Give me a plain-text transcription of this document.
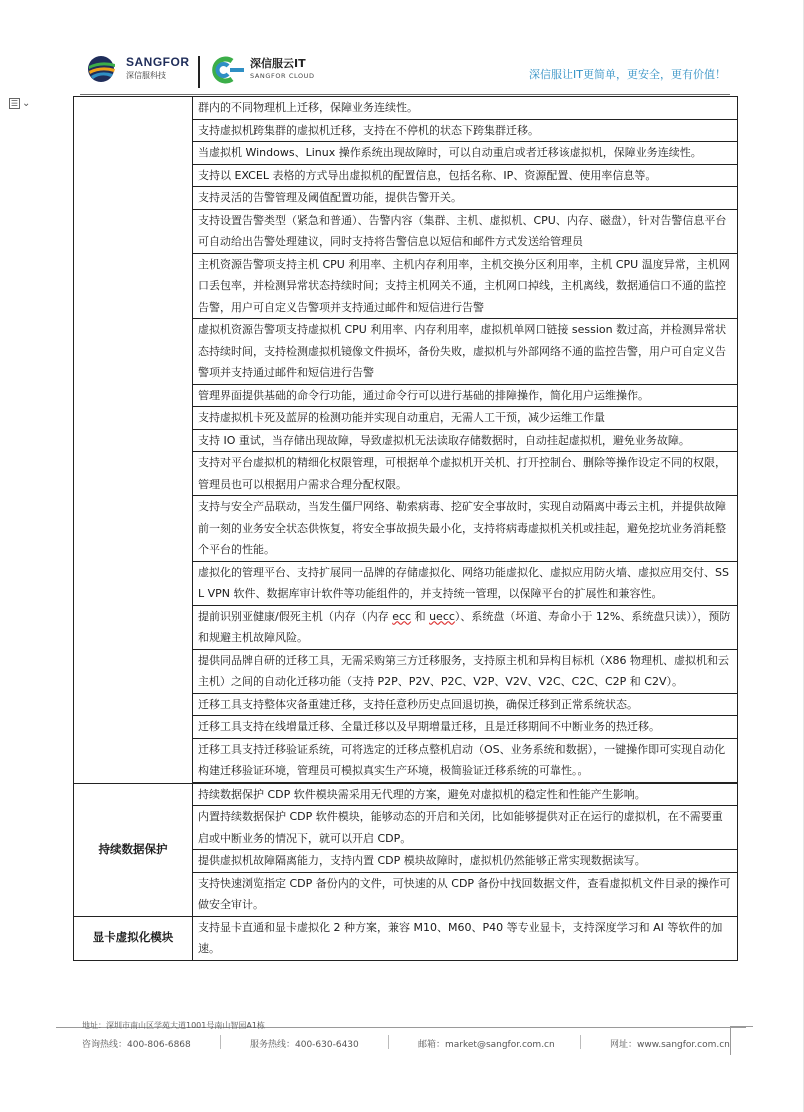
SANGFOR
深信服科技
深信服云IT
SANGFOR CLOUD	深信服让IT更简单，更安全，更有价值！
☰ ⌄
		群内的不同物理机上迁移，保障业务连续性。
	支持虚拟机跨集群的虚拟机迁移，支持在不停机的状态下跨集群迁移。
	当虚拟机 Windows、Linux 操作系统出现故障时，可以自动重启或者迁移该虚拟机，保障业务连续性。
	支持以 EXCEL 表格的方式导出虚拟机的配置信息，包括名称、IP、资源配置、使用率信息等。
	支持灵活的告警管理及阈值配置功能，提供告警开关。
	支持设置告警类型（紧急和普通）、告警内容（集群、主机、虚拟机、CPU、内存、磁盘），针对告警信息平台可自动给出告警处理建议，同时支持将告警信息以短信和邮件方式发送给管理员
	主机资源告警项支持主机 CPU 利用率、主机内存利用率，主机交换分区利用率，主机 CPU 温度异常，主机网口丢包率，并检测异常状态持续时间；支持主机网关不通，主机网口掉线，主机离线，数据通信口不通的监控告警，用户可自定义告警项并支持通过邮件和短信进行告警
	虚拟机资源告警项支持虚拟机 CPU 利用率、内存利用率，虚拟机单网口链接 session 数过高，并检测异常状态持续时间，支持检测虚拟机镜像文件损坏，备份失败，虚拟机与外部网络不通的监控告警，用户可自定义告警项并支持通过邮件和短信进行告警
	管理界面提供基础的命令行功能，通过命令行可以进行基础的排障操作，简化用户运维操作。
	支持虚拟机卡死及蓝屏的检测功能并实现自动重启，无需人工干预，减少运维工作量
	支持 IO 重试，当存储出现故障，导致虚拟机无法读取存储数据时，自动挂起虚拟机，避免业务故障。
	支持对平台虚拟机的精细化权限管理，可根据单个虚拟机开关机、打开控制台、删除等操作设定不同的权限，管理员也可以根据用户需求合理分配权限。
	支持与安全产品联动，当发生僵尸网络、勒索病毒、挖矿安全事故时，实现自动隔离中毒云主机，并提供故障前一刻的业务安全状态供恢复，将安全事故损失最小化，支持将病毒虚拟机关机或挂起，避免挖坑业务消耗整个平台的性能。
	虚拟化的管理平台、支持扩展同一品牌的存储虚拟化、网络功能虚拟化、虚拟应用防火墙、虚拟应用交付、SSL VPN 软件、数据库审计软件等功能组件的，并支持统一管理，以保障平台的扩展性和兼容性。
	提前识别亚健康/假死主机（内存（内存 ecc 和 uecc）、系统盘（坏道、寿命小于 12%、系统盘只读）），预防和规避主机故障风险。
	提供同品牌自研的迁移工具，无需采购第三方迁移服务，支持原主机和异构目标机（X86 物理机、虚拟机和云主机）之间的自动化迁移功能（支持 P2P、P2V、P2C、V2P、V2V、V2C、C2C、C2P 和 C2V）。
	迁移工具支持整体灾备重建迁移，支持任意秒历史点回退切换，确保迁移到正常系统状态。
	迁移工具支持在线增量迁移、全量迁移以及早期增量迁移，且是迁移期间不中断业务的热迁移。
	迁移工具支持迁移验证系统，可将选定的迁移点整机启动（OS、业务系统和数据），一键操作即可实现自动化构建迁移验证环境，管理员可模拟真实生产环境，极简验证迁移系统的可靠性。。

持续数据保护	持续数据保护 CDP 软件模块需采用无代理的方案，避免对虚拟机的稳定性和性能产生影响。
	内置持续数据保护 CDP 软件模块，能够动态的开启和关闭，比如能够提供对正在运行的虚拟机，在不需要重启或中断业务的情况下，就可以开启 CDP。
	提供虚拟机故障隔离能力，支持内置 CDP 模块故障时，虚拟机仍然能够正常实现数据读写。
	支持快速浏览指定 CDP 备份内的文件，可快速的从 CDP 备份中找回数据文件，查看虚拟机文件目录的操作可做安全审计。
显卡虚拟化模块	支持显卡直通和显卡虚拟化 2 种方案，兼容 M10、M60、P40 等专业显卡，支持深度学习和 AI 等软件的加速。
地址：深圳市南山区学苑大道1001号南山智园A1栋
咨询热线：400-806-6868	服务热线：400-630-6430	邮箱：market@sangfor.com.cn	网址：www.sangfor.com.cn
